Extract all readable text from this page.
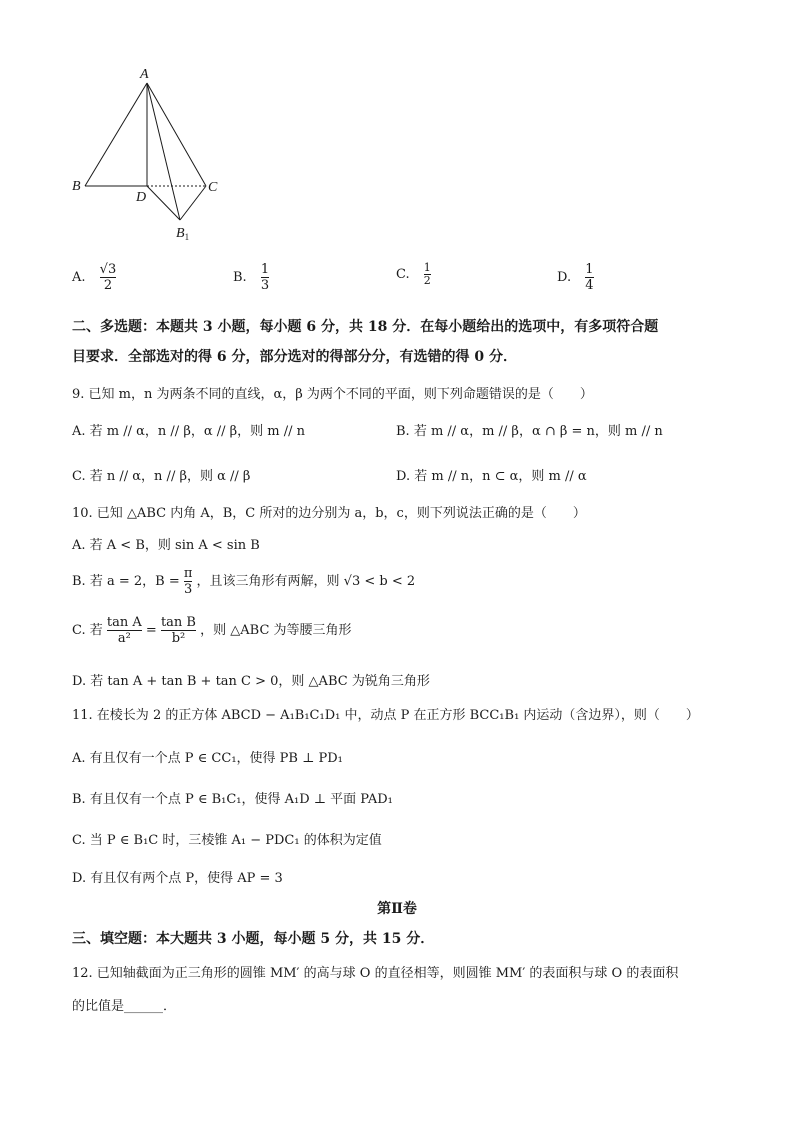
A
B
D
C
$B_1$
A. $\frac{√3}{2}$	B. $\frac{1}{3}$	C. $\frac{1}{2}$	D. $\frac{1}{4}$
二、多选题：本题共 3 小题，每小题 6 分，共 18 分．在每小题给出的选项中，有多项符合题
目要求．全部选对的得 6 分，部分选对的得部分分，有选错的得 0 分．
9. 已知 m，n 为两条不同的直线，α，β 为两个不同的平面，则下列命题错误的是（　　）
A. 若 m // α，n // β，α // β，则 m // n	B. 若 m // α，m // β，α ∩ β = n，则 m // n
C. 若 n // α，n // β，则 α // β	D. 若 m // n，n ⊂ α，则 m // α
10. 已知 △ABC 内角 A，B，C 所对的边分别为 a，b，c，则下列说法正确的是（　　）
A. 若 A < B，则 sin A < sin B
B. 若 a = 2，$B = \frac{\pi}{3}$ ，且该三角形有两解，则 √3 < b < 2
C. 若 $\frac{\text{tan A}}{\text{a²}} = \frac{\text{tan B}}{\text{b²}}$ ，则 △ABC 为等腰三角形
D. 若 tan A + tan B + tan C > 0，则 △ABC 为锐角三角形
11. 在棱长为 2 的正方体 ABCD − A₁B₁C₁D₁ 中，动点 P 在正方形 BCC₁B₁ 内运动（含边界），则（　　）
A. 有且仅有一个点 P ∈ CC₁，使得 PB ⊥ PD₁
B. 有且仅有一个点 P ∈ B₁C₁，使得 A₁D ⊥ 平面 PAD₁
C. 当 P ∈ B₁C 时，三棱锥 A₁ − PDC₁ 的体积为定值
D. 有且仅有两个点 P，使得 AP = 3
第Ⅱ卷
三、填空题：本大题共 3 小题，每小题 5 分，共 15 分．
12. 已知轴截面为正三角形的圆锥 MM′ 的高与球 O 的直径相等，则圆锥 MM′ 的表面积与球 O 的表面积
的比值是______．
